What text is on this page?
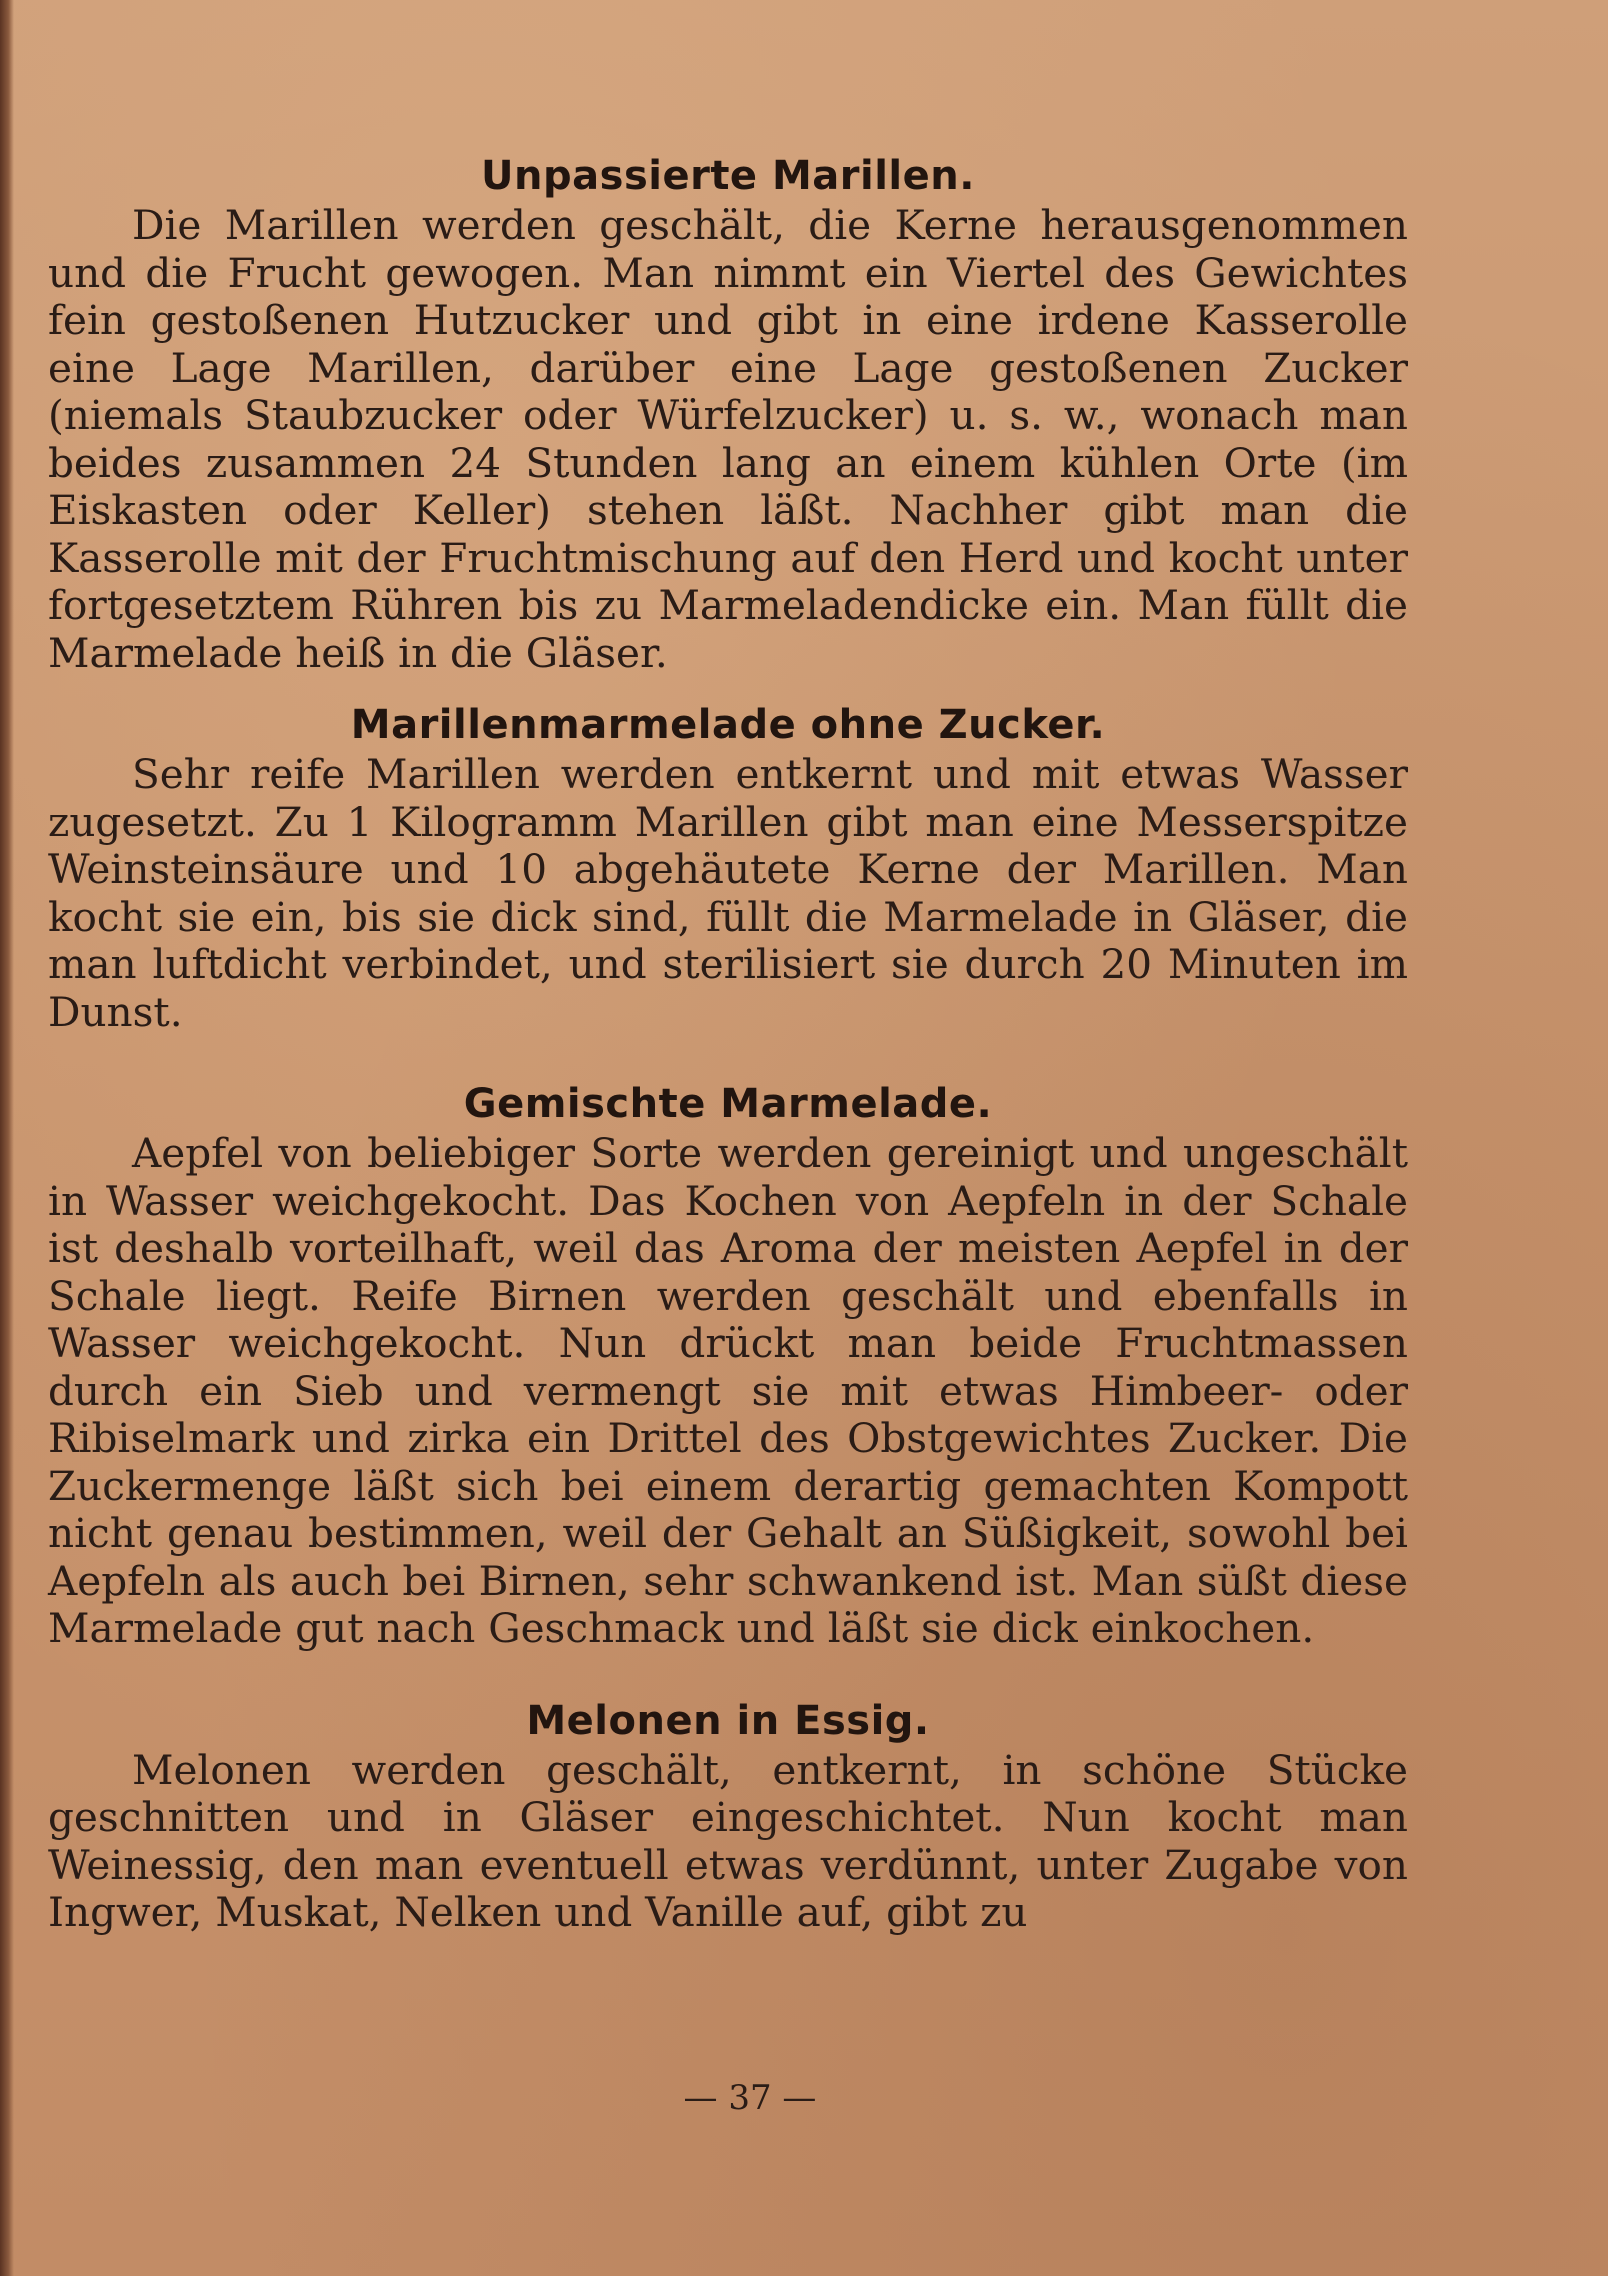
Unpassierte Marillen.

Die Marillen werden geschält, die Kerne herausgenommen und die Frucht gewogen. Man nimmt ein Viertel des Gewichtes fein gestoßenen Hutzucker und gibt in eine irdene Kasserolle eine Lage Marillen, darüber eine Lage gestoßenen Zucker (niemals Staubzucker oder Würfelzucker) u. s. w., wonach man beides zusammen 24 Stunden lang an einem kühlen Orte (im Eiskasten oder Keller) stehen läßt. Nachher gibt man die Kasserolle mit der Fruchtmischung auf den Herd und kocht unter fortgesetztem Rühren bis zu Marmeladendicke ein. Man füllt die Marmelade heiß in die Gläser.

Marillenmarmelade ohne Zucker.

Sehr reife Marillen werden entkernt und mit etwas Wasser zugesetzt. Zu 1 Kilogramm Marillen gibt man eine Messerspitze Weinsteinsäure und 10 abgehäutete Kerne der Marillen. Man kocht sie ein, bis sie dick sind, füllt die Marmelade in Gläser, die man luftdicht verbindet, und sterilisiert sie durch 20 Minuten im Dunst.

Gemischte Marmelade.

Aepfel von beliebiger Sorte werden gereinigt und ungeschält in Wasser weichgekocht. Das Kochen von Aepfeln in der Schale ist deshalb vorteilhaft, weil das Aroma der meisten Aepfel in der Schale liegt. Reife Birnen werden geschält und ebenfalls in Wasser weichgekocht. Nun drückt man beide Fruchtmassen durch ein Sieb und vermengt sie mit etwas Himbeer- oder Ribiselmark und zirka ein Drittel des Obstgewichtes Zucker. Die Zuckermenge läßt sich bei einem derartig gemachten Kompott nicht genau bestimmen, weil der Gehalt an Süßigkeit, sowohl bei Aepfeln als auch bei Birnen, sehr schwankend ist. Man süßt diese Marmelade gut nach Geschmack und läßt sie dick einkochen.

Melonen in Essig.

Melonen werden geschält, entkernt, in schöne Stücke geschnitten und in Gläser eingeschichtet. Nun kocht man Weinessig, den man eventuell etwas verdünnt, unter Zugabe von Ingwer, Muskat, Nelken und Vanille auf, gibt zu

— 37 —
